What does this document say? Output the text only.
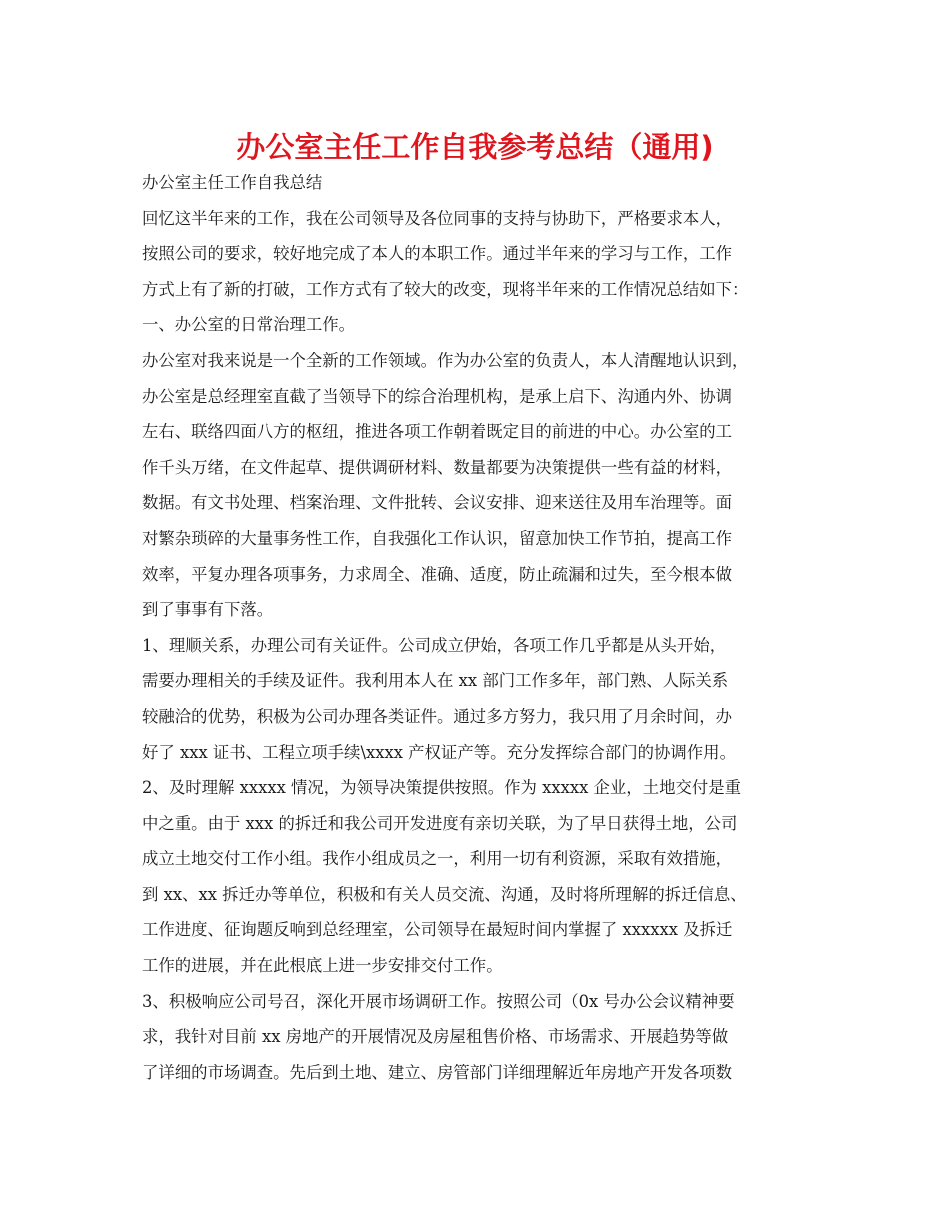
办公室主任工作自我参考总结（通用)
办公室主任工作自我总结
回忆这半年来的工作，我在公司领导及各位同事的支持与协助下，严格要求本人，
按照公司的要求，较好地完成了本人的本职工作。通过半年来的学习与工作，工作
方式上有了新的打破，工作方式有了较大的改变，现将半年来的工作情况总结如下：
一、办公室的日常治理工作。
办公室对我来说是一个全新的工作领域。作为办公室的负责人，本人清醒地认识到，
办公室是总经理室直截了当领导下的综合治理机构，是承上启下、沟通内外、协调
左右、联络四面八方的枢纽，推进各项工作朝着既定目的前进的中心。办公室的工
作千头万绪，在文件起草、提供调研材料、数量都要为决策提供一些有益的材料，
数据。有文书处理、档案治理、文件批转、会议安排、迎来送往及用车治理等。面
对繁杂琐碎的大量事务性工作，自我强化工作认识，留意加快工作节拍，提高工作
效率，平复办理各项事务，力求周全、准确、适度，防止疏漏和过失，至今根本做
到了事事有下落。
1、理顺关系，办理公司有关证件。公司成立伊始，各项工作几乎都是从头开始，
需要办理相关的手续及证件。我利用本人在 xx 部门工作多年，部门熟、人际关系
较融洽的优势，积极为公司办理各类证件。通过多方努力，我只用了月余时间，办
好了 xxx 证书、工程立项手续\xxxx 产权证产等。充分发挥综合部门的协调作用。
2、及时理解 xxxxx 情况，为领导决策提供按照。作为 xxxxx 企业，土地交付是重
中之重。由于 xxx 的拆迁和我公司开发进度有亲切关联，为了早日获得土地，公司
成立土地交付工作小组。我作小组成员之一，利用一切有利资源，采取有效措施，
到 xx、xx 拆迁办等单位，积极和有关人员交流、沟通，及时将所理解的拆迁信息、
工作进度、征询题反响到总经理室，公司领导在最短时间内掌握了 xxxxxx 及拆迁
工作的进展，并在此根底上进一步安排交付工作。
3、积极响应公司号召，深化开展市场调研工作。按照公司（0x 号办公会议精神要
求，我针对目前 xx 房地产的开展情况及房屋租售价格、市场需求、开展趋势等做
了详细的市场调查。先后到土地、建立、房管部门详细理解近年房地产开发各项数
